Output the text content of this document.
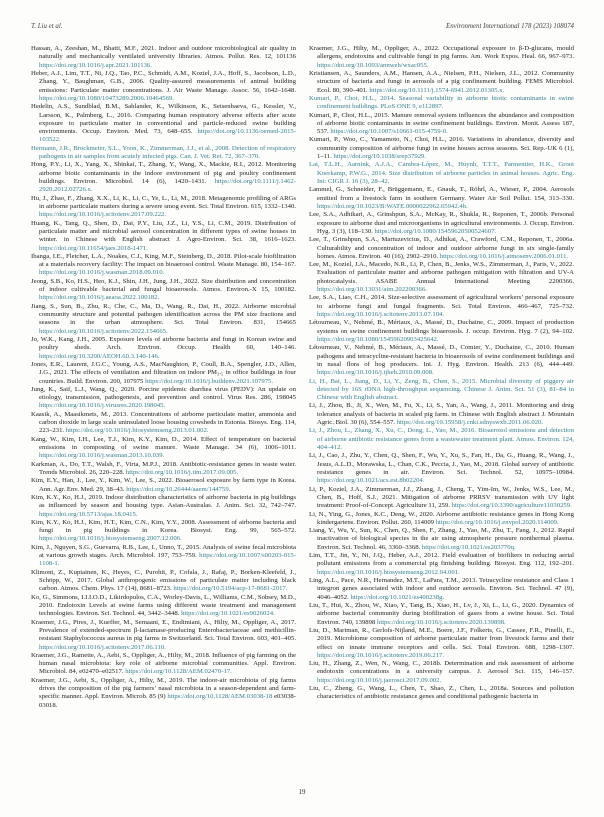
T. Liu et al.	Environment International 178 (2023) 108074

Hassan, A., Zeeshan, M., Bhatti, M.F., 2021. Indoor and outdoor microbiological air quality in naturally and mechanically ventilated university libraries. Atmos. Pollut. Res. 12, 101136 https://doi.org/10.1016/j.apr.2021.101136.

Heber, A.J., Lim, T.T., Ni, J.Q., Tao, P.C., Schmidt, A.M., Koziel, J.A., Hoff, S., Jacobson, L.D., Zhang, Y., Baughman, G.B., 2006. Quality-assured measurements of animal building emissions: Particulate matter concentrations. J. Air Waste Manage. Assoc. 56, 1642–1648. https://doi.org/10.1080/10473289.2006.10464569.

Hedelin, A.S., Sundblad, B.M., Sahlander, K., Wilkinson, K., Seisenbaeva, G., Kessler, V., Larsson, K., Palmberg, L., 2016. Comparing human respiratory adverse effects after acute exposure to particulate matter in conventional and particle-reduced swine building environments. Occup. Environ. Med. 73, 648–655. https://doi.org/10.1136/oemed-2015-103522.

Hermann, J.R., Brockmeier, S.L., Yoon, K., Zimmerman, J.J., et al., 2008. Detection of respiratory pathogens in air samples from acutely infected pigs. Can. J. Vet. Ret. 72, 367–370.

Hong, P.Y., Li, X., Yang, X., Shinkai, T., Zhang, Y., Wang, X., Mackie, R.I., 2012. Monitoring airborne biotic contaminants in the indoor environment of pig and poultry confinement buildings. Environ. Microbiol. 14 (6), 1420–1431. https://doi.org/10.1111/j.1462-2920.2012.02726.x.

Hu, J., Zhao, F., Zhang, X.X., Li, K., Li, C., Ye, L., Li, M., 2018. Metagenomic profiling of ARGs in airborne particulate matters during a severe smog event. Sci. Total Environ. 615, 1332–1340. https://doi.org/10.1016/j.scitotenv.2017.09.222.

Huang, K., Tang, Q., Shen, D., Dai, P.Y., Liu, J.Z., Li, Y.S., Li, C.M., 2019. Distribution of particulate matter and microbial aerosol concentration in different types of swine houses in winter. in Chinese with English abstract J. Agro-Environ. Sci. 38, 1616–1623. https://doi.org/10.11654/jaes.2018-1471.

Ibanga, I.E., Fletcher, L.A., Noakes, C.J., King, M.F., Steinberg, D., 2018. Pilot-scale biofiltration at a materials recovery facility: The impact on bioaerosol control. Waste Manage. 80, 154–167. https://doi.org/10.1016/j.wasman.2018.09.010.

Jeong, S.B., Ko, H.S., Heo, K.J., Shin, J.H., Jung, J.H., 2022. Size distribution and concentration of indoor cultivable bacterial and fungal bioaerosols. Atmos. Environ.-X 15, 100182. https://doi.org/10.1016/j.aeaoa.2022.100182.

Jiang, S., Sun, B., Zhu, R., Che, C., Ma, D., Wang, R., Dai, H., 2022. Airborne microbial community structure and potential pathogen identification across the PM size fractions and seasons in the urban atmosphere. Sci. Total Environ. 831, 154665 https://doi.org/10.1016/j.scitotenv.2022.154665.

Jo, W.K., Kang, J.H., 2005. Exposure levels of airborne bacteria and fungi in Korean swine and poultry sheds. Arch. Environ. Occup. Health 60, 140–146. https://doi.org/10.3200/AEOH.60.3.140-146.

Jones, E.R., Laurent, J.G.C., Young, A.S., MacNaughton, P., Coull, B.A., Spengler, J.D., Allen, J.G., 2021. The effects of ventilation and filtration on indoor PM₂.₅ in office buildings in four countries. Build. Environ. 200, 107975 https://doi.org/10.1016/j.buildenv.2021.107975.

Jung, K., Saif, L.J., Wang, Q., 2020. Porcine epidemic diarrhea virus (PEDV): An update on etiology, transmission, pathogenesis, and prevention and control. Virus Res. 286, 198045 https://doi.org/10.1016/j.virusres.2020.198045.

Kaasik, A., Maasikmets, M., 2013. Concentrations of airborne particulate matter, ammonia and carbon dioxide in large scale uninsulated loose housing cowsheds in Estonia. Biosys. Eng. 114, 223–231. https://doi.org/10.1016/j.biosystemseng.2013.01.002.

Kang, W., Kim, I.H., Lee, T.J., Kim, K.Y., Kim, D., 2014. Effect of temperature on bacterial emissions in composting of swine manure. Waste Manage. 34 (6), 1006–1011. https://doi.org/10.1016/j.wasman.2013.10.039.

Karkman, A., Do, T.T., Walsh, F., Virta, M.P.J., 2018. Antibiotic-resistance genes in waste water. Trends Microbiol. 26, 220–228. https://doi.org/10.1016/j.tim.2017.09.005.

Kim, E.Y., Han, J., Lee, Y., Kim, W., Lee, S., 2022. Bioaerosol exposure by farm type in Korea. Ann. Agr. Env. Med. 29, 38–43. https://doi.org/10.26444/aaem/144759.

Kim, K.Y., Ko, H.J., 2019. Indoor distribution characteristics of airborne bacteria in pig buildings as influenced by season and housing type. Asian-Australas. J. Anim. Sci. 32, 742–747. https://doi.org/10.5713/ajas.18.0415.

Kim, K.Y., Ko, H.J., Kim, H.T., Kim, C.N., Kim, Y.Y., 2008. Assessment of airborne bacteria and fungi in pig buildings in Korea. Biosyst. Eng. 99, 565–572. https://doi.org/10.1016/j.biosystemseng.2007.12.006.

Kim, J., Nguyen, S.G., Guevarra, R.B., Lee, I., Unno, T., 2015. Analysis of swine fecal microbiota at various growth stages. Arch. Microbiol. 197, 753–759. https://doi.org/10.1007/s00203-015-1108-1.

Klimont, Z., Kupiainen, K., Heyes, C., Purohit, P., Cofala, J., Rafaj, P., Borken-Kleefeld, J., Schöpp, W., 2017. Global anthropogenic emissions of particulate matter including black carbon. Atmos. Chem. Phys. 17 (14), 8681–8723. https://doi.org/10.5194/acp-17-8681-2017.

Ko, G., Simmons, I.I.I.O.D., Likirdopulos, C.A., Worley-Davis, L., Williams, C.M., Sobsey, M.D., 2010. Endotoxin Levels at swine farms using different waste treatment and management technologies. Environ. Sci. Technol. 44, 3442–3448. https://doi.org/10.1021/es9026024.

Kraemer, J.G., Pires, J., Kueffer, M., Semaani, E., Endimiani, A., Hilty, M., Oppliger, A., 2017. Prevalence of extended-spectrum β-lactamase-producing Enterobacteriaceae and methicillin-resistant Staphylococcus aureus in pig farms in Switzerland. Sci. Total Environ. 603, 401–405. https://doi.org/10.1016/j.scitotenv.2017.06.110.

Kraemer, J.G., Ramette, A., Aebi, S., Oppliger, A., Hilty, M., 2018. Influence of pig farming on the human nasal microbiota: key role of airborne microbial communities. Appl. Environ. Microbiol. 84, e02470–e02517. https://doi.org/10.1128/AEM.02470-17.

Kraemer, J.G., Aebi, S., Oppliger, A., Hilty, M., 2019. The indoor-air microbiota of pig farms drives the composition of the pig farmers’ nasal microbiota in a season-dependent and farm-specific manner. Appl. Environ. Microb. 85 (9) https://doi.org/10.1128/AEM.03038-18 e03038-03018.

Kraemer, J.G., Hilty, M., Oppliger, A., 2022. Occupational exposure to β-D-glucans, mould allergens, endotoxins and cultivable fungi in pig farms. Am. Work Expos. Heal. 66, 967–973. https://doi.org/10.1093/annweh/wxac055.

Kristiansen, A., Saunders, A.M., Hansen, A.A., Nielsen, P.H., Nielsen, J.L., 2012. Community structure of bacteria and fungi in aerosols of a pig confinement building. FEMS Microbiol. Ecol. 80, 390–401. https://doi.org/10.1111/j.1574-6941.2012.01305.x.

Kumari, P., Choi, H.L., 2014. Seasonal variability in airborne biotic contaminants in swine confinement buildings. PLoS ONE 9, e112897.

Kumari, P., Choi, H.L., 2015. Manure removal system influences the abundance and composition of airborne biotic contaminants in swine confinement buildings. Environ. Monit. Assess 187, 537. https://doi.org/10.1007/s10661-015-4759-0.

Kumari, P., Woo, C., Yamamoto, N., Choi, H.L., 2016. Variations in abundance, diversity and community composition of airborne fungi in swine houses across seasons. Sci. Rep.-UK 6 (1), 1–11. https://doi.org/10.1038/srep37929.

Lai, T.L.H., Aarnink, A.J.A., Cambra-López, M., Huynh, T.T.T., Parmentier, H.K., Groot Koerkamp, P.W.G., 2014. Size distribution of airborne particles in animal houses. Agric. Eng. Int: CIGR J. 16 (3), 28–42.

Lammel, G., Schneider, F., Brüggemann, E., Gnauk, T., Röhrl, A., Wieser, P., 2004. Aerosols emitted from a livestock farm in southern Germany. Water Air Soil Pollut. 154, 313–330. https://doi.org/10.1023/B:WATE.0000022962.65942.4b.

Lee, S.A., Adhikari, A., Grinshpun, S.A., McKay, R., Shukla, R., Reponen, T., 2006b. Personal exposure to airborne dust and microorganisms in agricultural environments. J. Occup. Environ. Hyg. 3 (3), 118–130. https://doi.org/10.1080/15459620500524607.

Lee, T., Grinshpun, S.A., Martuzevicius, D., Adhikai, A., Crawford, C.M., Reponen, T., 2006a. Culturability and concentration of indoor and outdoor airborne fungi in six single-family homes. Atmos. Environ. 40 (16), 2902–2910. https://doi.org/10.1016/j.atmosenv.2006.01.011.

Lee, M., Koziel, J.A., Macedo, N.R., Li, P., Chen, B., Jenks, W.S., Zimmerman, J., Paris, V., 2022. Evaluation of particulate matter and airborne pathogen mitigation with filtration and UV-A photocatalysis. ASABE Annual International Meeting 2200366. https://doi.org/10.13031/aim.202200366.

Lee, S.A., Liao, C.H., 2014. Size-selective assessment of agricultural workers’ personal exposure to airborne fungi and fungal fragments. Sci. Total Environ. 466–467, 725–732. https://doi.org/10.1016/j.scitotenv.2013.07.104.

Létourneau, V., Nehmé, B., Mériaux, A., Massé, D., Duchaine, C., 2009. Impact of production systems on swine confinement buildings bioaerosols. J. occup. Environ. Hyg. 7 (2), 94–102. https://doi.org/10.1080/15459620903425642.

Létourneau, V., Nehmé, B., Mériaux, A., Massé, D., Comier, Y., Duchaine, C., 2010. Human pathogens and tetracycline-resistant bacteria in bioaerosols of swine confinement buildings and in nasal flora of hog producers. Int. J. Hyg. Environ. Health. 213 (6), 444–449. https://doi.org/10.1016/j.ijheh.2010.09.008.

Li, H., Bai, L., Jiang, D., Li, Y., Zeng, B., Chen, S., 2015. Microbial diversity of piggery air detected by 16S rDNA high-throughput sequencing. Chinese J. Anim. Sci. 51 (3), 81–84 in Chinese with English abstract.

Li, J., Zhou, B., Ji, X., Wen, M., Fu, X., Li, S., Yan, A., Wang, J., 2011. Monitoring and drug tolerance analysis of bacteria in scaled pig farm. in Chinese with English abstract J. Mountain Agric. Biol. 30 (6), 554–557. https://doi.org/10.15958/j.cnki.sdnyswxb.2011.06.020.

Li, J., Zhou, L., Zhang, X., Xu, C., Dong, L., Yao, M., 2016. Bioaerosol emissions and detection of airborne antibiotic resistance genes from a wastewater treatment plant. Atmos. Environ. 124, 404–412.

Li, J., Cao, J., Zhu, Y., Chen, Q., Shen, F., Wu, Y., Xu, S., Fan, H., Da, G., Huang, R., Wang, J., Jesus, A.L.D., Morawska, L., Chan, C.K., Peccia, J., Yao, M., 2018. Global survey of antibiotic resistance genes in air. Environ. Sci. Technol. 52, 10975–10984. https://doi.org/10.1021/acs.est.8b02204.

Li, P., Koziel, J.A., Zimmerman, J.J., Zhang, J., Cheng, T., Yim-Im, W., Jenks, W.S., Lee, M., Chen, B., Hoff, S.J., 2021. Mitigation of airborne PRRSV transmission with UV light treatment: Proof-of-Concept. Agriculture 11, 259. https://doi.org/10.3390/agriculture11030259.

Li, N., Ying, G., Jones, K.C., Deng, W., 2020. Airborne antibiotic resistance genes in Hong Kong kindergartens. Environ. Pollut. 260, 114009 https://doi.org/10.1016/j.envpol.2020.114009.

Liang, Y., Wu, Y., Sun, K., Chen, Q., Shen, F., Zhang, J., Yao, M., Zhu, T., Fang, J., 2012. Rapid inactivation of biological species in the air using atmospheric pressure nonthermal plasma. Environ. Sci. Technol. 46, 3360–3368. https://doi.org/10.1021/es203770q.

Lim, T.T., Jin, Y., Ni, J.Q., Heber, A.J., 2012. Field evaluation of biofilters in reducing aerial pollutant emissions from a commercial pig finishing building. Biosyst. Eng. 112, 192–201. https://doi.org/10.1016/j.biosystemseng.2012.04.001.

Ling, A.L., Pace, N.R., Hernandez, M.T., LaPara, T.M., 2013. Tetracycline resistance and Class 1 integron genes associated with indoor and outdoor aerosols. Environ. Sci. Technol. 47 (9), 4046–4052. https://doi.org/10.1021/es400238g.

Liu, T., Hui, X., Zhou, W., Xiao, Y., Tang, B., Xiao, H., Lv, J., Xi, L., Li, G., 2020. Dynamics of airborne bacterial community during biofiltration of gases from a swine house. Sci. Total Environ. 740, 139898 https://doi.org/10.1016/j.scitotenv.2020.139898.

Liu, D., Mariman, R., Gerlofs-Nijland, M.E., Boere, J.F., Folkerts, G., Cassee, F.R., Pinelli, E., 2019. Microbiome composition of airborne particulate matter from livestock farms and their effect on innate immune receptors and cells. Sci. Total Environ. 688, 1298–1307. https://doi.org/10.1016/j.scitotenv.2019.06.217.

Liu, H., Zhang, Z., Wen, N., Wang, C., 2018b. Determination and risk assessment of airborne endotoxin concentrations in a university campus. J. Aerosol Sci. 115, 146–157. https://doi.org/10.1016/j.jaerosci.2017.09.002.

Liu, C., Zheng, G., Wang, L., Chen, T., Shao, Z., Chen, L., 2018a. Sources and pollution characteristics of antibiotic resistance genes and conditional pathogenic bacteria in

19
